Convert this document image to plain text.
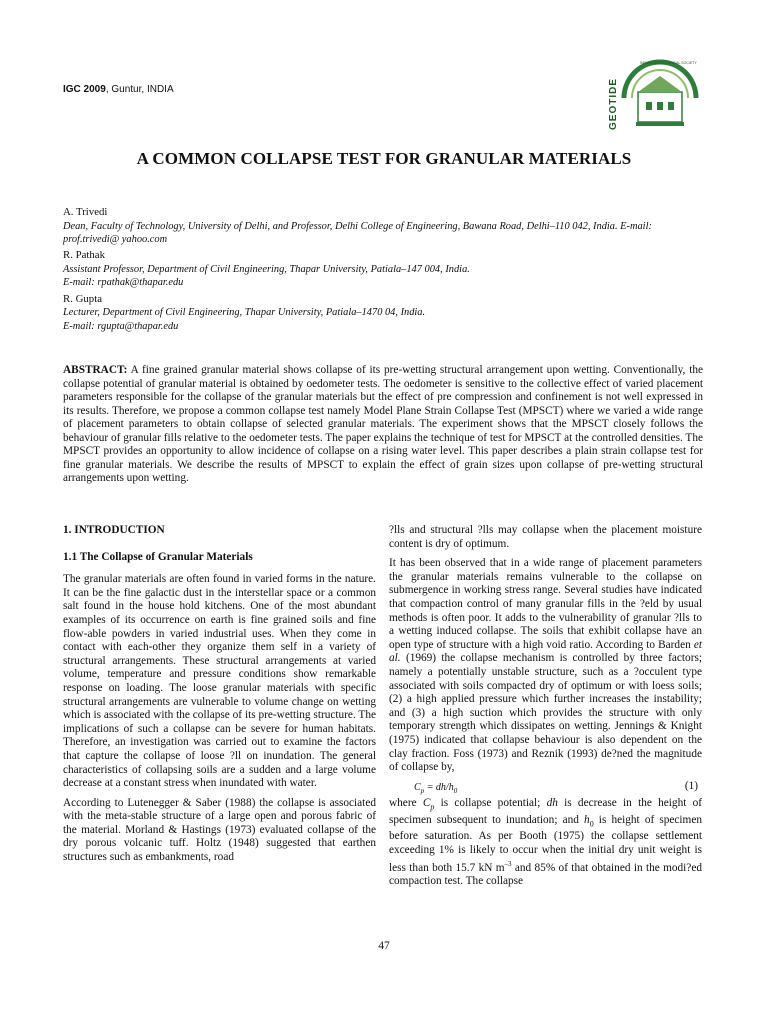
IGC 2009, Guntur, INDIA	GEOTIDE
INDIAN GEOTECHNICAL SOCIETY
A COMMON COLLAPSE TEST FOR GRANULAR MATERIALS
A. Trivedi
Dean, Faculty of Technology, University of Delhi, and Professor, Delhi College of Engineering, Bawana Road, Delhi–110 042, India. E-mail: prof.trivedi@ yahoo.com
R. Pathak
Assistant Professor, Department of Civil Engineering, Thapar University, Patiala–147 004, India.
E-mail: rpathak@thapar.edu
R. Gupta
Lecturer, Department of Civil Engineering, Thapar University, Patiala–1470 04, India.
E-mail: rgupta@thapar.edu
ABSTRACT: A fine grained granular material shows collapse of its pre-wetting structural arrangement upon wetting. Conventionally, the collapse potential of granular material is obtained by oedometer tests. The oedometer is sensitive to the collective effect of varied placement parameters responsible for the collapse of the granular materials but the effect of pre compression and confinement is not well expressed in its results. Therefore, we propose a common collapse test namely Model Plane Strain Collapse Test (MPSCT) where we varied a wide range of placement parameters to obtain collapse of selected granular materials. The experiment shows that the MPSCT closely follows the behaviour of granular fills relative to the oedometer tests. The paper explains the technique of test for MPSCT at the controlled densities. The MPSCT provides an opportunity to allow incidence of collapse on a rising water level. This paper describes a plain strain collapse test for fine granular materials. We describe the results of MPSCT to explain the effect of grain sizes upon collapse of pre-wetting structural arrangements upon wetting.
1. INTRODUCTION
1.1 The Collapse of Granular Materials

The granular materials are often found in varied forms in the nature. It can be the fine galactic dust in the interstellar space or a common salt found in the house hold kitchens. One of the most abundant examples of its occurrence on earth is fine grained soils and fine flow-able powders in varied industrial uses. When they come in contact with each-other they organize them self in a variety of structural arrangements. These structural arrangements at varied volume, temperature and pressure conditions show remarkable response on loading. The loose granular materials with specific structural arrangements are vulnerable to volume change on wetting which is associated with the collapse of its pre-wetting structure. The implications of such a collapse can be severe for human habitats. Therefore, an investigation was carried out to examine the factors that capture the collapse of loose ?ll on inundation. The general characteristics of collapsing soils are a sudden and a large volume decrease at a constant stress when inundated with water.

According to Lutenegger & Saber (1988) the collapse is associated with the meta-stable structure of a large open and porous fabric of the material. Morland & Hastings (1973) evaluated collapse of the dry porous volcanic tuff. Holtz (1948) suggested that earthen structures such as embankments, road

?lls and structural ?lls may collapse when the placement moisture content is dry of optimum.

It has been observed that in a wide range of placement parameters the granular materials remains vulnerable to the collapse on submergence in working stress range. Several studies have indicated that compaction control of many granular fills in the ?eld by usual methods is often poor. It adds to the vulnerability of granular ?lls to a wetting induced collapse. The soils that exhibit collapse have an open type of structure with a high void ratio. According to Barden et al. (1969) the collapse mechanism is controlled by three factors; namely a potentially unstable structure, such as a ?occulent type associated with soils compacted dry of optimum or with loess soils; (2) a high applied pressure which further increases the instability; and (3) a high suction which provides the structure with only temporary strength which dissipates on wetting. Jennings & Knight (1975) indicated that collapse behaviour is also dependent on the clay fraction. Foss (1973) and Reznik (1993) de?ned the magnitude of collapse by,

$C_p = dh/h_0$	(1)

where $C_p$ is collapse potential; dh is decrease in the height of specimen subsequent to inundation; and $h_0$ is height of specimen before saturation. As per Booth (1975) the collapse settlement exceeding 1% is likely to occur when the initial dry unit weight is less than both 15.7 kN $m^{-3}$ and 85% of that obtained in the modi?ed compaction test. The collapse

47
